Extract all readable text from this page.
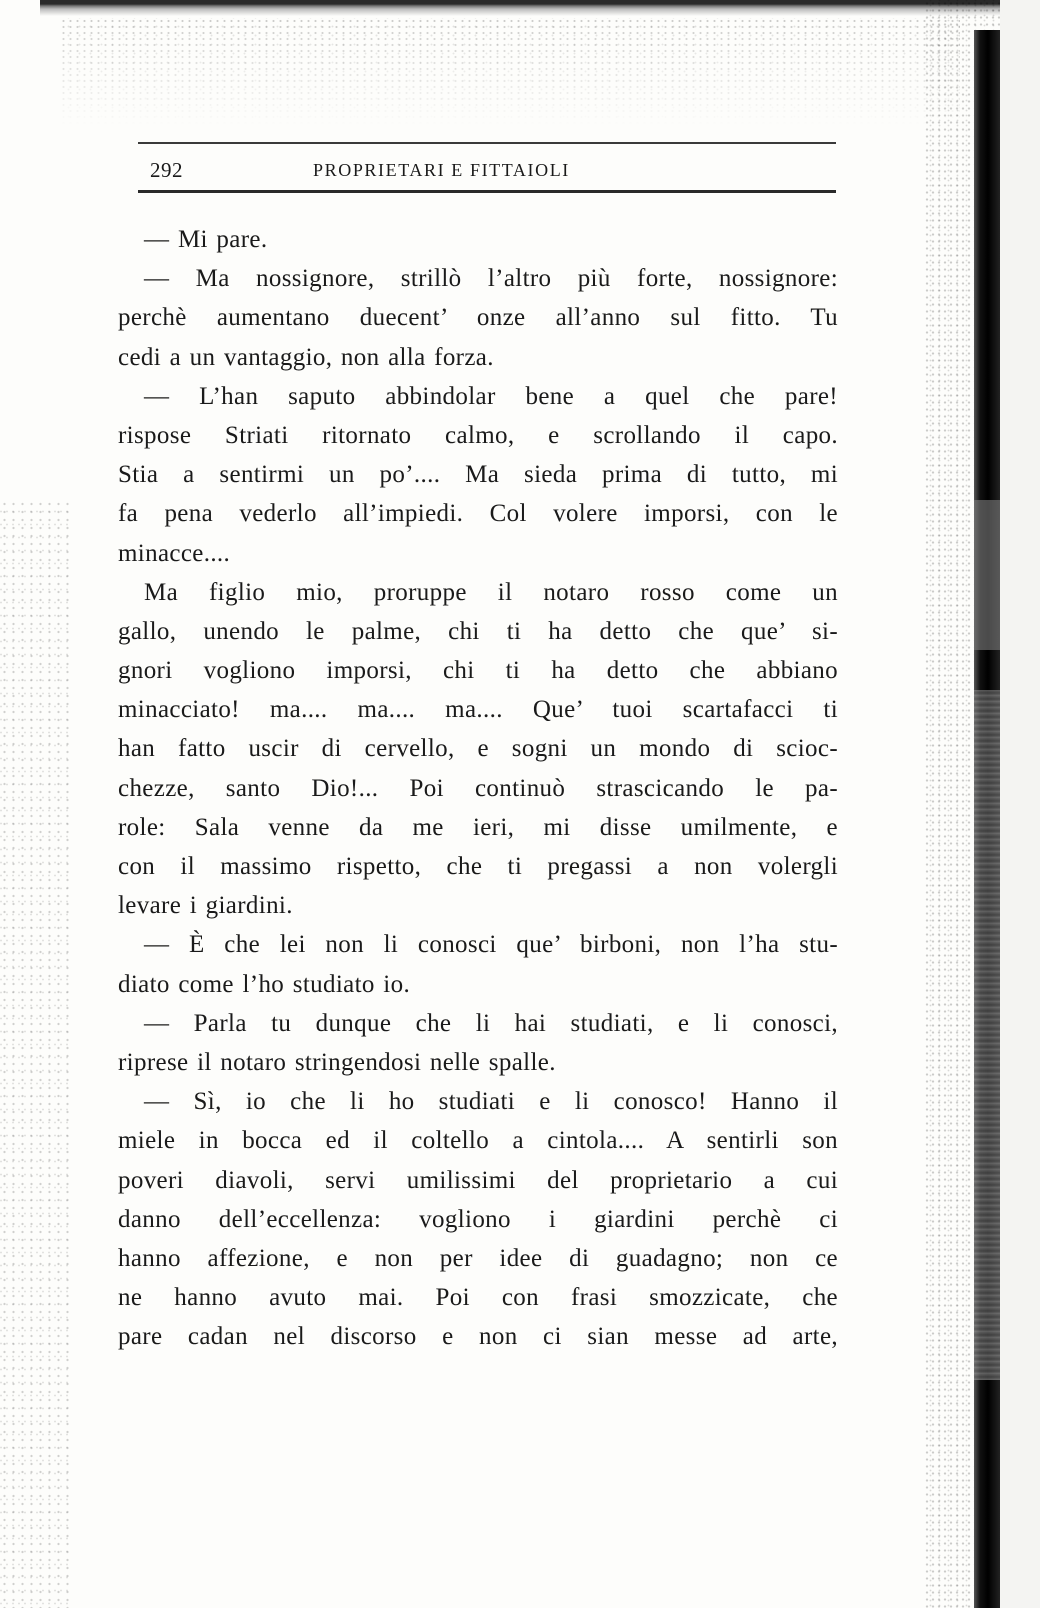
292	PROPRIETARI E FITTAIOLI
— Mi pare.
— Ma nossignore, strillò l’altro più forte, nossignore:
perchè aumentano duecent’ onze all’anno sul fitto. Tu
cedi a un vantaggio, non alla forza.
— L’han saputo abbindolar bene a quel che pare!
rispose Striati ritornato calmo, e scrollando il capo.
Stia a sentirmi un po’.... Ma sieda prima di tutto, mi
fa pena vederlo all’impiedi. Col volere imporsi, con le
minacce....
Ma figlio mio, proruppe il notaro rosso come un
gallo, unendo le palme, chi ti ha detto che que’ si-
gnori vogliono imporsi, chi ti ha detto che abbiano
minacciato! ma.... ma.... ma.... Que’ tuoi scartafacci ti
han fatto uscir di cervello, e sogni un mondo di scioc-
chezze, santo Dio!... Poi continuò strascicando le pa-
role: Sala venne da me ieri, mi disse umilmente, e
con il massimo rispetto, che ti pregassi a non volergli
levare i giardini.
— È che lei non li conosci que’ birboni, non l’ha stu-
diato come l’ho studiato io.
— Parla tu dunque che li hai studiati, e li conosci,
riprese il notaro stringendosi nelle spalle.
— Sì, io che li ho studiati e li conosco! Hanno il
miele in bocca ed il coltello a cintola.... A sentirli son
poveri diavoli, servi umilissimi del proprietario a cui
danno dell’eccellenza: vogliono i giardini perchè ci
hanno affezione, e non per idee di guadagno; non ce
ne hanno avuto mai. Poi con frasi smozzicate, che
pare cadan nel discorso e non ci sian messe ad arte,
